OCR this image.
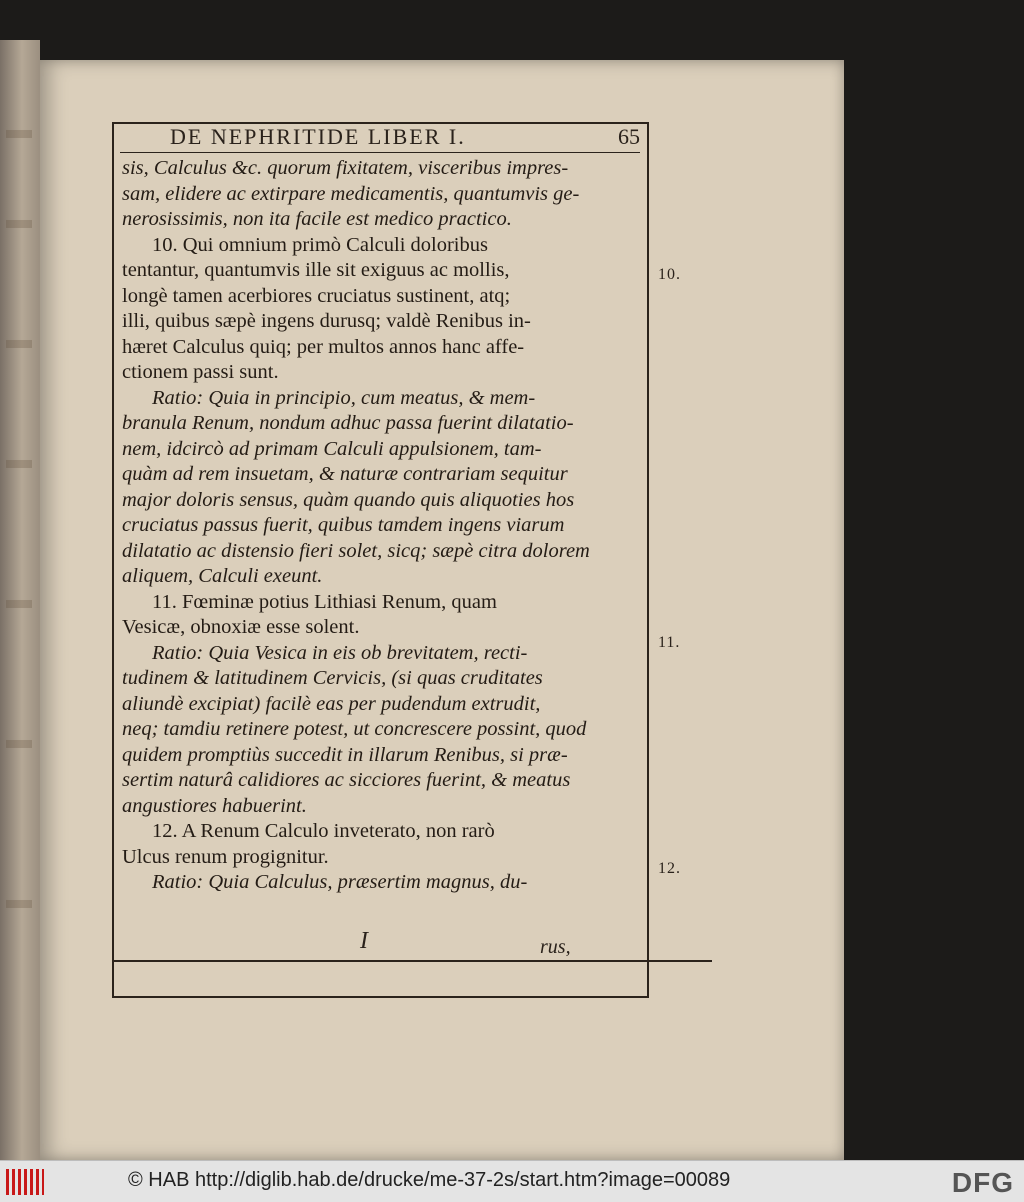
DE NEPHRITIDE LIBER I.	65

sis, Calculus &c. quorum fixitatem, visceribus impres-

sam, elidere ac extirpare medicamentis, quantumvis ge-

nerosissimis, non ita facile est medico practico.

10. Qui omnium primò Calculi doloribus

tentantur, quantumvis ille sit exiguus ac mollis,

longè tamen acerbiores cruciatus sustinent, atq;

illi, quibus sæpè ingens durusq; valdè Renibus in-

hæret Calculus quiq; per multos annos hanc affe-

ctionem passi sunt.

Ratio: Quia in principio, cum meatus, & mem-

branula Renum, nondum adhuc passa fuerint dilatatio-

nem, idcircò ad primam Calculi appulsionem, tam-

quàm ad rem insuetam, & naturæ contrariam sequitur

major doloris sensus, quàm quando quis aliquoties hos

cruciatus passus fuerit, quibus tamdem ingens viarum

dilatatio ac distensio fieri solet, sicq; sæpè citra dolorem

aliquem, Calculi exeunt.

11. Fœminæ potius Lithiasi Renum, quam

Vesicæ, obnoxiæ esse solent.

Ratio: Quia Vesica in eis ob brevitatem, recti-

tudinem & latitudinem Cervicis, (si quas cruditates

aliundè excipiat) facilè eas per pudendum extrudit,

neq; tamdiu retinere potest, ut concrescere possint, quod

quidem promptiùs succedit in illarum Renibus, si præ-

sertim naturâ calidiores ac sicciores fuerint, & meatus

angustiores habuerint.

12. A Renum Calculo inveterato, non rarò

Ulcus renum progignitur.

Ratio: Quia Calculus, præsertim magnus, du-

10.
11.
12.
I	rus,
© HAB http://diglib.hab.de/drucke/me-37-2s/start.htm?image=00089	DFG
